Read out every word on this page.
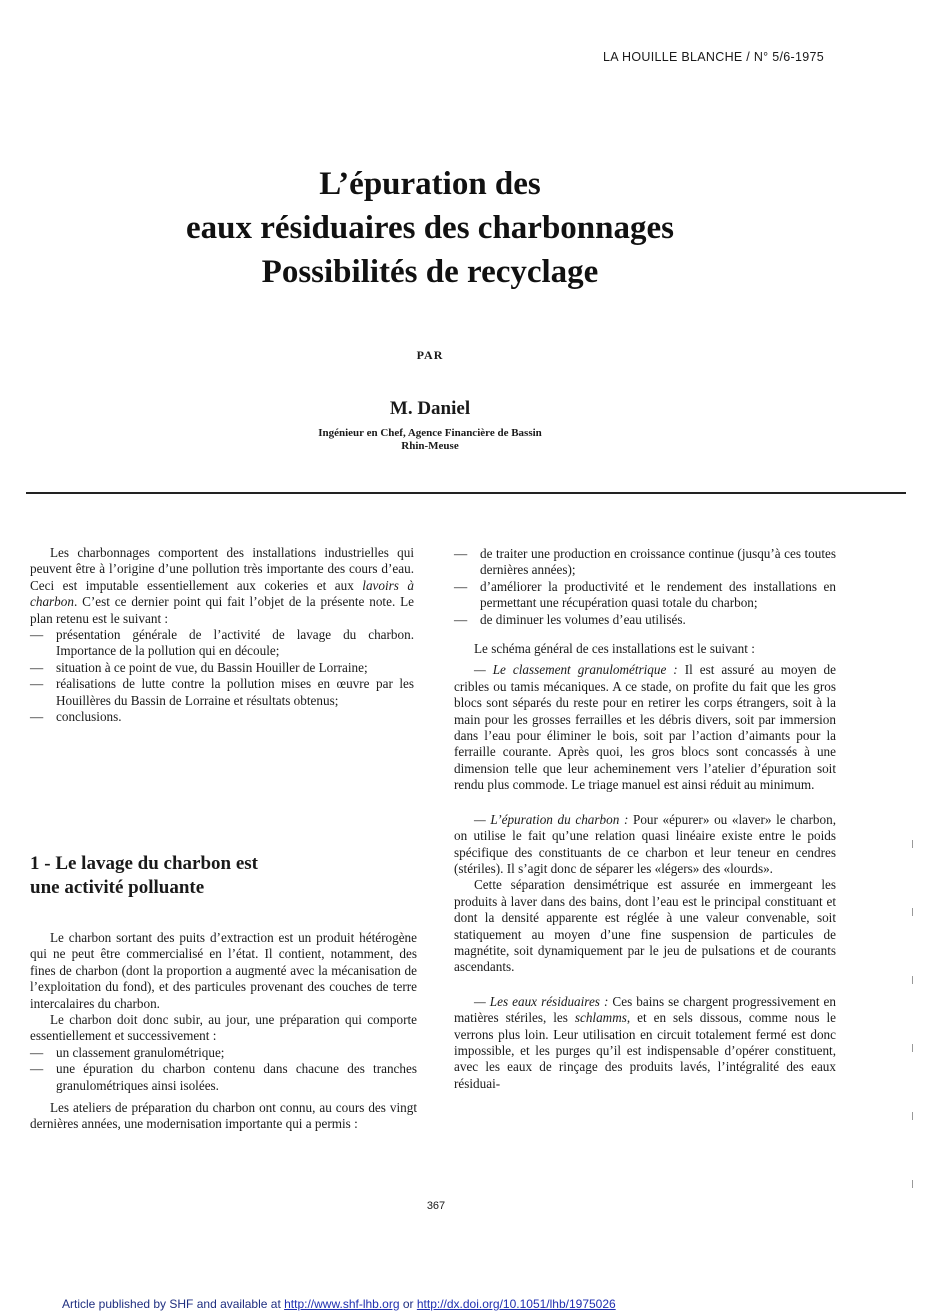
LA HOUILLE BLANCHE / N° 5/6-1975
L’épuration des
eaux résiduaires des charbonnages
Possibilités de recyclage
PAR
M. Daniel
Ingénieur en Chef, Agence Financière de Bassin
Rhin-Meuse

Les charbonnages comportent des installations industrielles qui peuvent être à l’origine d’une pollution très importante des cours d’eau. Ceci est imputable essentiellement aux cokeries et aux lavoirs à charbon. C’est ce dernier point qui fait l’objet de la présente note. Le plan retenu est le suivant :

— présentation générale de l’activité de lavage du charbon. Importance de la pollution qui en découle;
— situation à ce point de vue, du Bassin Houiller de Lorraine;
— réalisations de lutte contre la pollution mises en œuvre par les Houillères du Bassin de Lorraine et résultats obtenus;
— conclusions.
1 - Le lavage du charbon est
une activité polluante

Le charbon sortant des puits d’extraction est un produit hétérogène qui ne peut être commercialisé en l’état. Il contient, notamment, des fines de charbon (dont la proportion a augmenté avec la mécanisation de l’exploitation du fond), et des particules provenant des couches de terre intercalaires du charbon.

Le charbon doit donc subir, au jour, une préparation qui comporte essentiellement et successivement :

— un classement granulométrique;
— une épuration du charbon contenu dans chacune des tranches granulométriques ainsi isolées.

Les ateliers de préparation du charbon ont connu, au cours des vingt dernières années, une modernisation importante qui a permis :

— de traiter une production en croissance continue (jusqu’à ces toutes dernières années);
— d’améliorer la productivité et le rendement des installations en permettant une récupération quasi totale du charbon;
— de diminuer les volumes d’eau utilisés.

Le schéma général de ces installations est le suivant :

— Le classement granulométrique : Il est assuré au moyen de cribles ou tamis mécaniques. A ce stade, on profite du fait que les gros blocs sont séparés du reste pour en retirer les corps étrangers, soit à la main pour les grosses ferrailles et les débris divers, soit par immersion dans l’eau pour éliminer le bois, soit par l’action d’aimants pour la ferraille courante. Après quoi, les gros blocs sont concassés à une dimension telle que leur acheminement vers l’atelier d’épuration soit rendu plus commode. Le triage manuel est ainsi réduit au minimum.

— L’épuration du charbon : Pour «épurer» ou «laver» le charbon, on utilise le fait qu’une relation quasi linéaire existe entre le poids spécifique des constituants de ce charbon et leur teneur en cendres (stériles). Il s’agit donc de séparer les «légers» des «lourds».

Cette séparation densimétrique est assurée en immergeant les produits à laver dans des bains, dont l’eau est le principal constituant et dont la densité apparente est réglée à une valeur convenable, soit statiquement au moyen d’une fine suspension de particules de magnétite, soit dynamiquement par le jeu de pulsations et de courants ascendants.

— Les eaux résiduaires : Ces bains se chargent progressivement en matières stériles, les schlamms, et en sels dissous, comme nous le verrons plus loin. Leur utilisation en circuit totalement fermé est donc impossible, et les purges qu’il est indispensable d’opérer constituent, avec les eaux de rinçage des produits lavés, l’intégralité des eaux résiduai-

367
Article published by SHF and available at http://www.shf-lhb.org or http://dx.doi.org/10.1051/lhb/1975026
